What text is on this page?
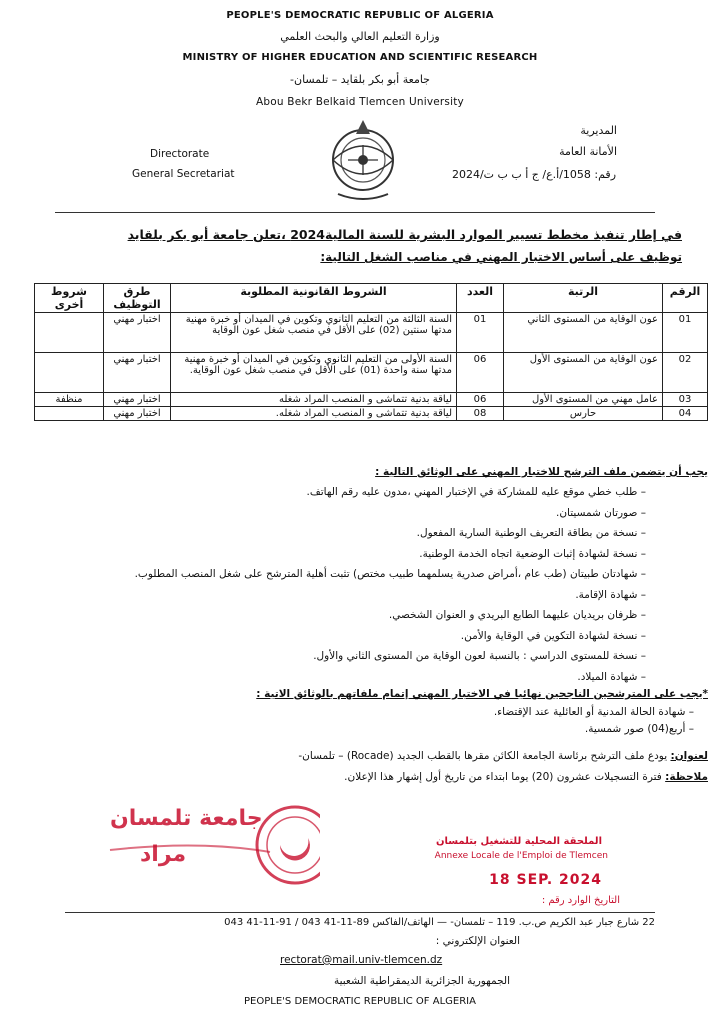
PEOPLE'S DEMOCRATIC REPUBLIC OF ALGERIA
وزارة التعليم العالي والبحث العلمي
MINISTRY OF HIGHER EDUCATION AND SCIENTIFIC RESEARCH
جامعة أبو بكر بلقايد – تلمسان-
Abou Bekr Belkaid Tlemcen University
المديرية
الأمانة العامة
رقم: 1058/أ.ع/ ج أ ب ب ت/2024
Directorate
General Secretariat
في إطار تنفيذ مخطط تسيير الموارد البشرية للسنة المالية2024 ،تعلن جامعة أبو بكر بلقايد
توظيف على أساس الاختبار المهني في مناصب الشغل التالية:
الرقم	الرتبة	العدد	الشروط القانونية المطلوبة	طرق التوظيف	شروط أخرى
01	عون الوقاية من المستوى الثاني	01	السنة الثالثة من التعليم الثانوي وتكوين في الميدان أو خبرة مهنية مدتها سنتين (02) على الأقل في منصب شغل عون الوقاية	اختبار مهني	
02	عون الوقاية من المستوى الأول	06	السنة الأولى من التعليم الثانوي وتكوين في الميدان أو خبرة مهنية مدتها سنة واحدة (01) على الأقل في منصب شغل عون الوقاية.	اختبار مهني	
03	عامل مهني من المستوى الأول	06	لياقة بدنية تتماشى و المنصب المراد شغله	اختبار مهني	منظفة
04	حارس	08	لياقة بدنية تتماشى و المنصب المراد شغله.	اختبار مهني	
يجب أن يتضمن ملف الترشح للاختبار المهني على الوثائق التالية :
– طلب خطي موقع عليه للمشاركة في الإختبار المهني ،مدون عليه رقم الهاتف.
– صورتان شمسيتان.
– نسخة من بطاقة التعريف الوطنية السارية المفعول.
– نسخة لشهادة إثبات الوضعية اتجاه الخدمة الوطنية.
– شهادتان طبيتان (طب عام ،أمراض صدرية يسلمهما طبيب مختص) تثبت أهلية المترشح على شغل المنصب المطلوب.
– شهادة الإقامة.
– ظرفان بريديان عليهما الطابع البريدي و العنوان الشخصي.
– نسخة لشهادة التكوين في الوقاية والأمن.
– نسخة للمستوى الدراسي : بالنسبة لعون الوقاية من المستوى الثاني والأول.
– شهادة الميلاد.
*يجب على المترشحين الناجحين نهائيا في الاختبار المهني إتمام ملفاتهم بالوثائق الاتية :
– شهادة الحالة المدنية أو العائلية عند الإقتضاء.
– أربع(04) صور شمسية.
لعنوان: يودع ملف الترشح برئاسة الجامعة الكائن مقرها بالقطب الجديد (Rocade) – تلمسان-
ملاحظة: فترة التسجيلات عشرون (20) يوما ابتداء من تاريخ أول إشهار هذا الإعلان.
جامعة تلمسان
مراد
الملحقة المحلية للتشغيل بتلمسان
Annexe Locale de l'Emploi de Tlemcen
18 SEP. 2024
التاريخ الوارد رقم :
22 شارع جبار عبد الكريم ص.ب. 119 – تلمسان- — الهاتف/الفاكس 89-11-41 043 / 91-11-41 043
العنوان الإلكتروني :
rectorat@mail.univ-tlemcen.dz
الجمهورية الجزائرية الديمقراطية الشعبية
PEOPLE'S DEMOCRATIC REPUBLIC OF ALGERIA
